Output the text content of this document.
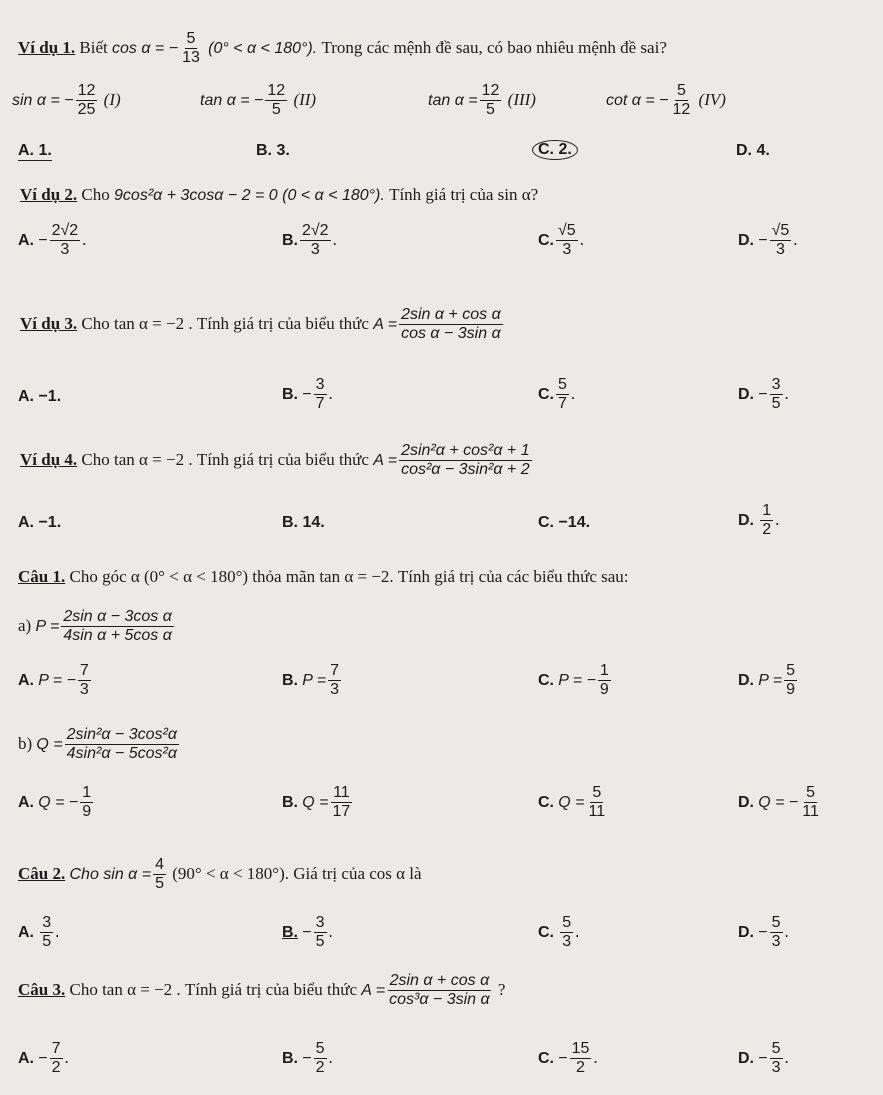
Ví dụ 1. Biết cos α = − $\frac{5}{13} (0^\circ < \alpha < 180^\circ)$. Trong các mệnh đề sau, có bao nhiêu mệnh đề sai?
sin α = − $\frac{12}{25} (I)$	tan α = − $\frac{12}{5} (II)$	$\tan \alpha = \frac{12}{5} (III)$	cot α = − $\frac{5}{12} (IV)$
A. 1.	B. 3.	C. 2.	D. 4.
Ví dụ 2. Cho 9cos²α + 3cosα − 2 = 0 (0 < α < 180°). Tính giá trị của sin α?
A. − $\frac{2√2}{3}$ .	B. $\frac{2√2}{3}$ .	C. $\frac{√5}{3}$ .	D. − $\frac{√5}{3}$ .
Ví dụ 3. Cho tan α = −2 . Tính giá trị của biểu thức $A = \frac{\text{2sin α + cos α}}{\text{cos α − 3sin α}}$
A. −1.	B. − $\frac{3}{7}$ .	C. $\frac{5}{7}$ .	D. − $\frac{3}{5}$ .
Ví dụ 4. Cho tan α = −2 . Tính giá trị của biểu thức $A = \frac{\text{2sin²α + cos²α + 1}}{\text{cos²α − 3sin²α + 2}}$
A. −1.	B. 14.	C. −14.	D. $\frac{1}{2}$ .
Câu 1. Cho góc α (0° < α < 180°) thỏa mãn tan α = −2. Tính giá trị của các biểu thức sau:
a) $P = \frac{\text{2sin α − 3cos α}}{\text{4sin α + 5cos α}}$
A. P = − $\frac{7}{3}$	B. $P = \frac{7}{3}$	C. P = − $\frac{1}{9}$	D. $P = \frac{5}{9}$
b) $Q = \frac{\text{2sin²α − 3cos²α}}{\text{4sin²α − 5cos²α}}$
A. Q = − $\frac{1}{9}$	B. $Q = \frac{11}{17}$	C. $Q = \frac{5}{11}$	D. Q = − $\frac{5}{11}$
Câu 2. Cho $\sin \alpha = \frac{4}{5} (90^\circ < \alpha < 180^\circ)$. Giá trị của cos α là
A. $\frac{3}{5}$ .	B. − $\frac{3}{5}$ .	C. $\frac{5}{3}$ .	D. − $\frac{5}{3}$ .
Câu 3. Cho tan α = −2 . Tính giá trị của biểu thức $A = \frac{\text{2sin α + cos α}}{\text{cos³α − 3sin α}}$ ?
A. − $\frac{7}{2}$ .	B. − $\frac{5}{2}$ .	C. − $\frac{15}{2}$ .	D. − $\frac{5}{3}$ .
